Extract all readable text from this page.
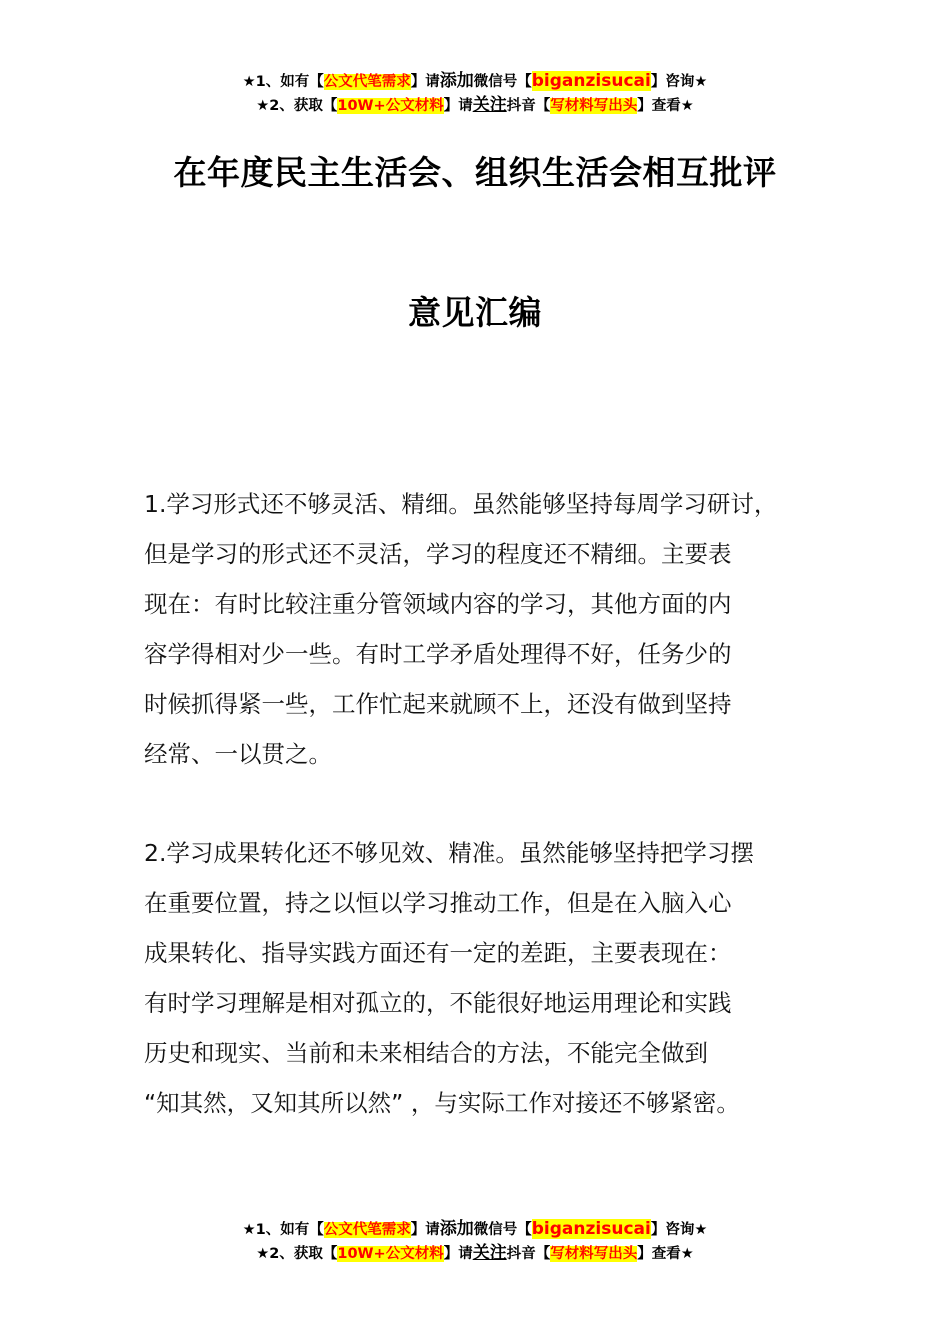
★1、如有【公文代笔需求】请添加微信号【biganzisucai】咨询★
★2、获取【10W+公文材料】请关注抖音【写材料写出头】查看★
在年度民主生活会、组织生活会相互批评
意见汇编
1.学习形式还不够灵活、精细。虽然能够坚持每周学习研讨，
但是学习的形式还不灵活，学习的程度还不精细。主要表
现在：有时比较注重分管领域内容的学习，其他方面的内
容学得相对少一些。有时工学矛盾处理得不好，任务少的
时候抓得紧一些，工作忙起来就顾不上，还没有做到坚持
经常、一以贯之。
2.学习成果转化还不够见效、精准。虽然能够坚持把学习摆
在重要位置，持之以恒以学习推动工作，但是在入脑入心
成果转化、指导实践方面还有一定的差距，主要表现在：
有时学习理解是相对孤立的，不能很好地运用理论和实践
历史和现实、当前和未来相结合的方法，不能完全做到
“知其然，又知其所以然” ，与实际工作对接还不够紧密。
★1、如有【公文代笔需求】请添加微信号【biganzisucai】咨询★
★2、获取【10W+公文材料】请关注抖音【写材料写出头】查看★
